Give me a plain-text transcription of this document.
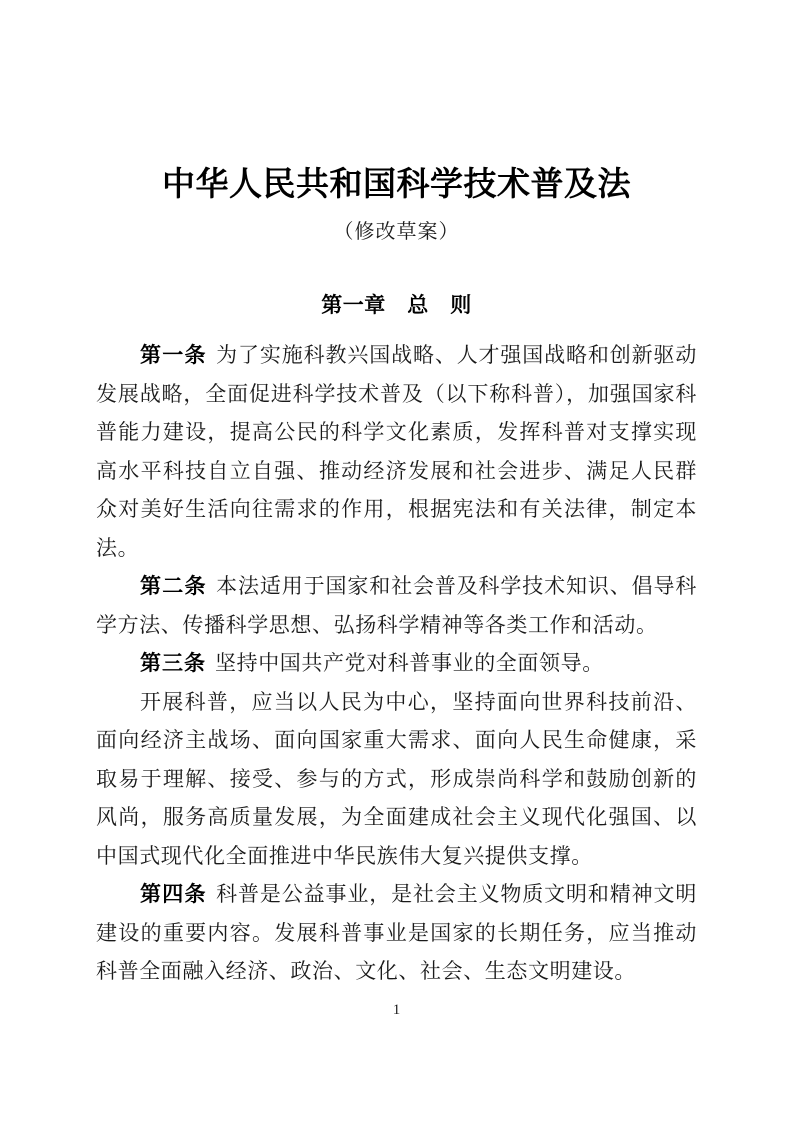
中华人民共和国科学技术普及法
（修改草案）
第一章　总　则

第一条 为了实施科教兴国战略、人才强国战略和创新驱动发展战略，全面促进科学技术普及（以下称科普），加强国家科普能力建设，提高公民的科学文化素质，发挥科普对支撑实现高水平科技自立自强、推动经济发展和社会进步、满足人民群众对美好生活向往需求的作用，根据宪法和有关法律，制定本法。

第二条 本法适用于国家和社会普及科学技术知识、倡导科学方法、传播科学思想、弘扬科学精神等各类工作和活动。

第三条 坚持中国共产党对科普事业的全面领导。

开展科普，应当以人民为中心，坚持面向世界科技前沿、面向经济主战场、面向国家重大需求、面向人民生命健康，采取易于理解、接受、参与的方式，形成崇尚科学和鼓励创新的风尚，服务高质量发展，为全面建成社会主义现代化强国、以中国式现代化全面推进中华民族伟大复兴提供支撑。

第四条 科普是公益事业，是社会主义物质文明和精神文明建设的重要内容。发展科普事业是国家的长期任务，应当推动科普全面融入经济、政治、文化、社会、生态文明建设。

1
